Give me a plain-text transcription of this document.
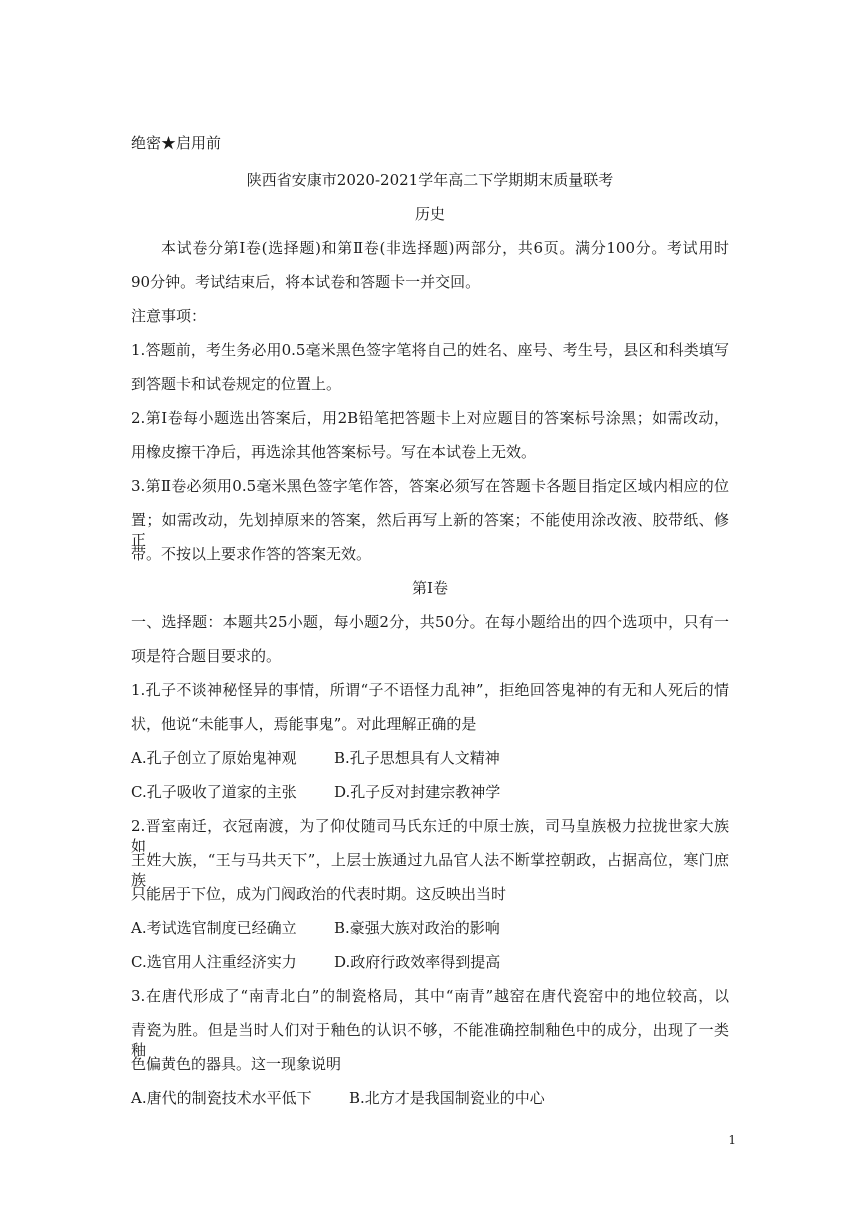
绝密★启用前
陕西省安康市2020-2021学年高二下学期期末质量联考
历史
本试卷分第I卷(选择题)和第Ⅱ卷(非选择题)两部分，共6页。满分100分。考试用时
90分钟。考试结束后，将本试卷和答题卡一并交回。
注意事项：
1.答题前，考生务必用0.5毫米黑色签字笔将自己的姓名、座号、考生号，县区和科类填写
到答题卡和试卷规定的位置上。
2.第I卷每小题选出答案后，用2B铅笔把答题卡上对应题目的答案标号涂黑；如需改动，
用橡皮擦干净后，再选涂其他答案标号。写在本试卷上无效。
3.第Ⅱ卷必须用0.5毫米黑色签字笔作答，答案必须写在答题卡各题目指定区域内相应的位
置；如需改动，先划掉原来的答案，然后再写上新的答案；不能使用涂改液、胶带纸、修正
带。不按以上要求作答的答案无效。
第I卷
一、选择题：本题共25小题，每小题2分，共50分。在每小题给出的四个选项中，只有一
项是符合题目要求的。
1.孔子不谈神秘怪异的事情，所谓“子不语怪力乱神”，拒绝回答鬼神的有无和人死后的情
状，他说“未能事人，焉能事鬼”。对此理解正确的是
A.孔子创立了原始鬼神观 B.孔子思想具有人文精神
C.孔子吸收了道家的主张 D.孔子反对封建宗教神学
2.晋室南迁，衣冠南渡，为了仰仗随司马氏东迁的中原士族，司马皇族极力拉拢世家大族如
王姓大族，“王与马共天下”，上层士族通过九品官人法不断掌控朝政，占据高位，寒门庶族
只能居于下位，成为门阀政治的代表时期。这反映出当时
A.考试选官制度已经确立 B.豪强大族对政治的影响
C.选官用人注重经济实力 D.政府行政效率得到提高
3.在唐代形成了“南青北白”的制瓷格局，其中“南青”越窑在唐代瓷窑中的地位较高，以
青瓷为胜。但是当时人们对于釉色的认识不够，不能准确控制釉色中的成分，出现了一类釉
色偏黄色的器具。这一现象说明
A.唐代的制瓷技术水平低下 B.北方才是我国制瓷业的中心
1
